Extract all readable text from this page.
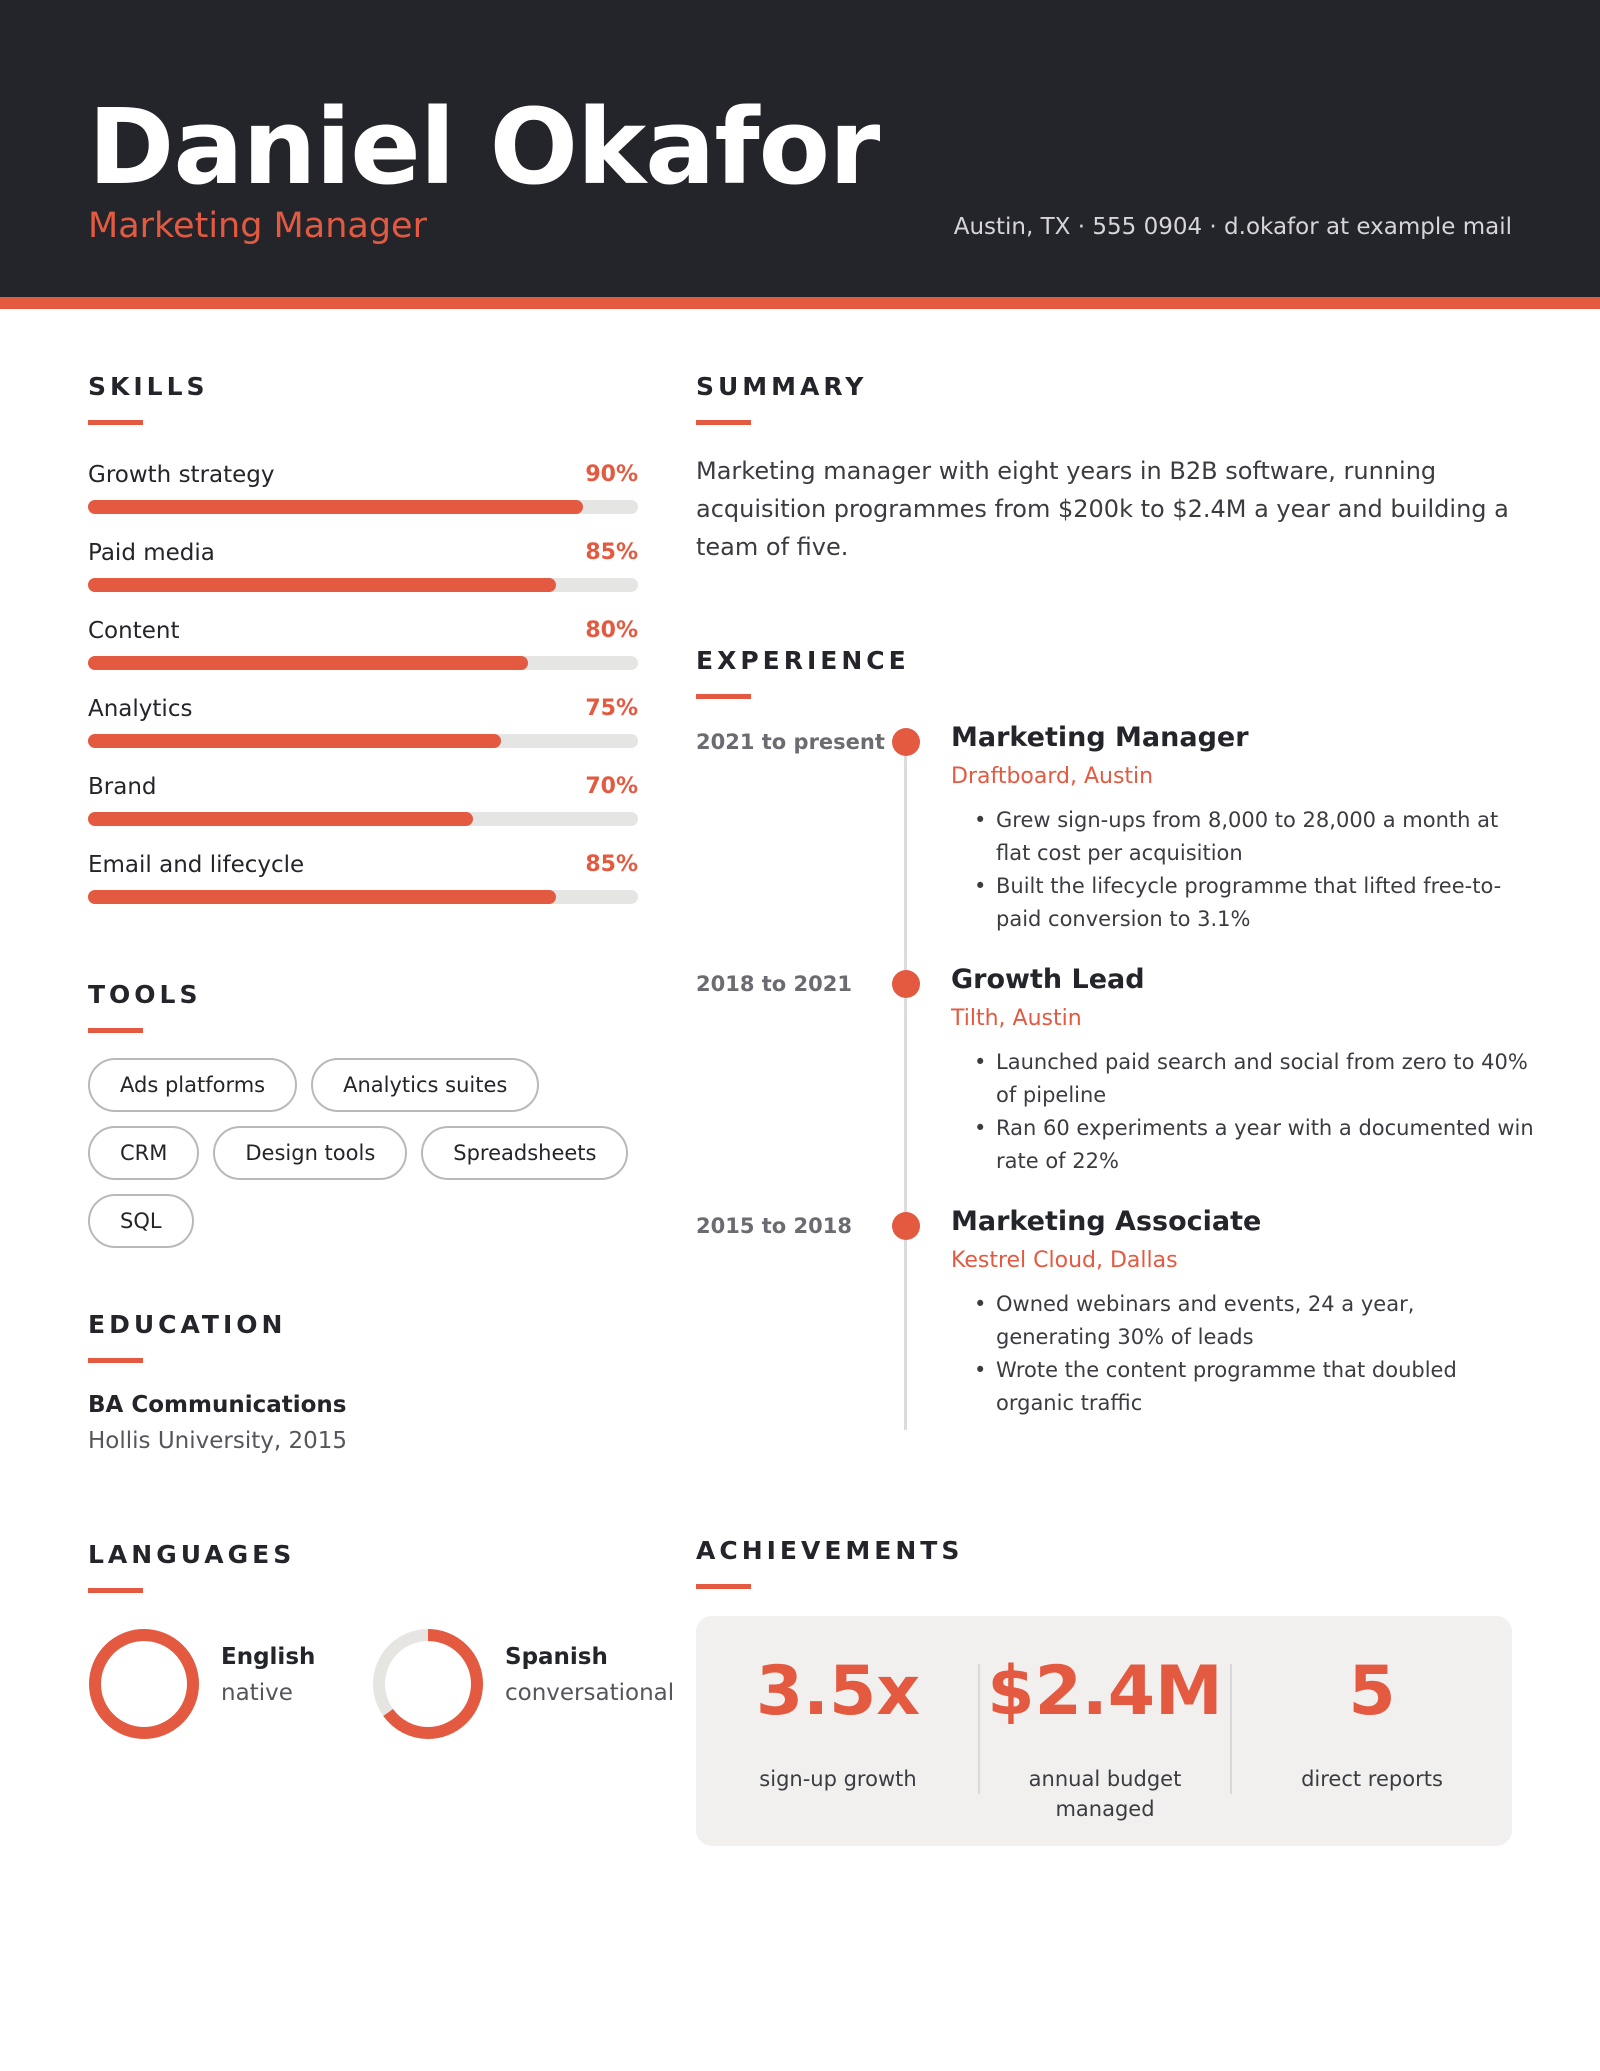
Daniel Okafor
Marketing Manager	Austin, TX · 555 0904 · d.okafor at example mail
SKILLS
Growth strategy	90%
Paid media	85%
Content	80%
Analytics	75%
Brand	70%
Email and lifecycle	85%
TOOLS
Ads platforms	Analytics suites
CRM	Design tools	Spreadsheets
SQL
EDUCATION
BA Communications
Hollis University, 2015
LANGUAGES
English
native
Spanish
conversational
SUMMARY

Marketing manager with eight years in B2B software, running acquisition programmes from $200k to $2.4M a year and building a team of five.

EXPERIENCE
2021 to present Marketing Manager
Draftboard, Austin
• Grew sign-ups from 8,000 to 28,000 a month at flat cost per acquisition
• Built the lifecycle programme that lifted free-to-paid conversion to 3.1%
2018 to 2021	Growth Lead
Tilth, Austin
• Launched paid search and social from zero to 40% of pipeline
• Ran 60 experiments a year with a documented win rate of 22%
2015 to 2018	Marketing Associate
Kestrel Cloud, Dallas
• Owned webinars and events, 24 a year, generating 30% of leads
• Wrote the content programme that doubled organic traffic
ACHIEVEMENTS
3.5x
sign-up growth
$2.4M
annual budget managed
5
direct reports
